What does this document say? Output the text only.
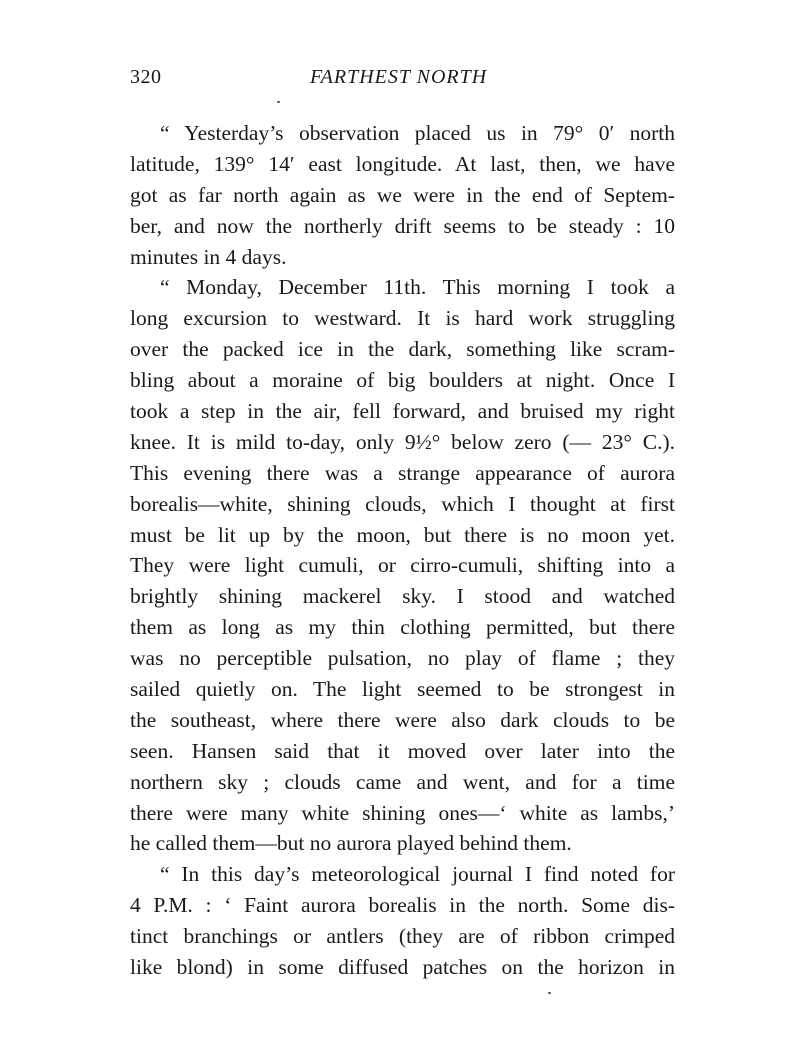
320	FARTHEST NORTH
“ Yesterday’s observation placed us in 79° 0′ north
latitude, 139° 14′ east longitude. At last, then, we have
got as far north again as we were in the end of Septem-
ber, and now the northerly drift seems to be steady : 10
minutes in 4 days.
“ Monday, December 11th. This morning I took a
long excursion to westward. It is hard work struggling
over the packed ice in the dark, something like scram-
bling about a moraine of big boulders at night. Once I
took a step in the air, fell forward, and bruised my right
knee. It is mild to-day, only 9½° below zero (— 23° C.).
This evening there was a strange appearance of aurora
borealis—white, shining clouds, which I thought at first
must be lit up by the moon, but there is no moon yet.
They were light cumuli, or cirro-cumuli, shifting into a
brightly shining mackerel sky. I stood and watched
them as long as my thin clothing permitted, but there
was no perceptible pulsation, no play of flame ; they
sailed quietly on. The light seemed to be strongest in
the southeast, where there were also dark clouds to be
seen. Hansen said that it moved over later into the
northern sky ; clouds came and went, and for a time
there were many white shining ones—‘ white as lambs,’
he called them—but no aurora played behind them.
“ In this day’s meteorological journal I find noted for
4 P.M. : ‘ Faint aurora borealis in the north. Some dis-
tinct branchings or antlers (they are of ribbon crimped
like blond) in some diffused patches on the horizon in
